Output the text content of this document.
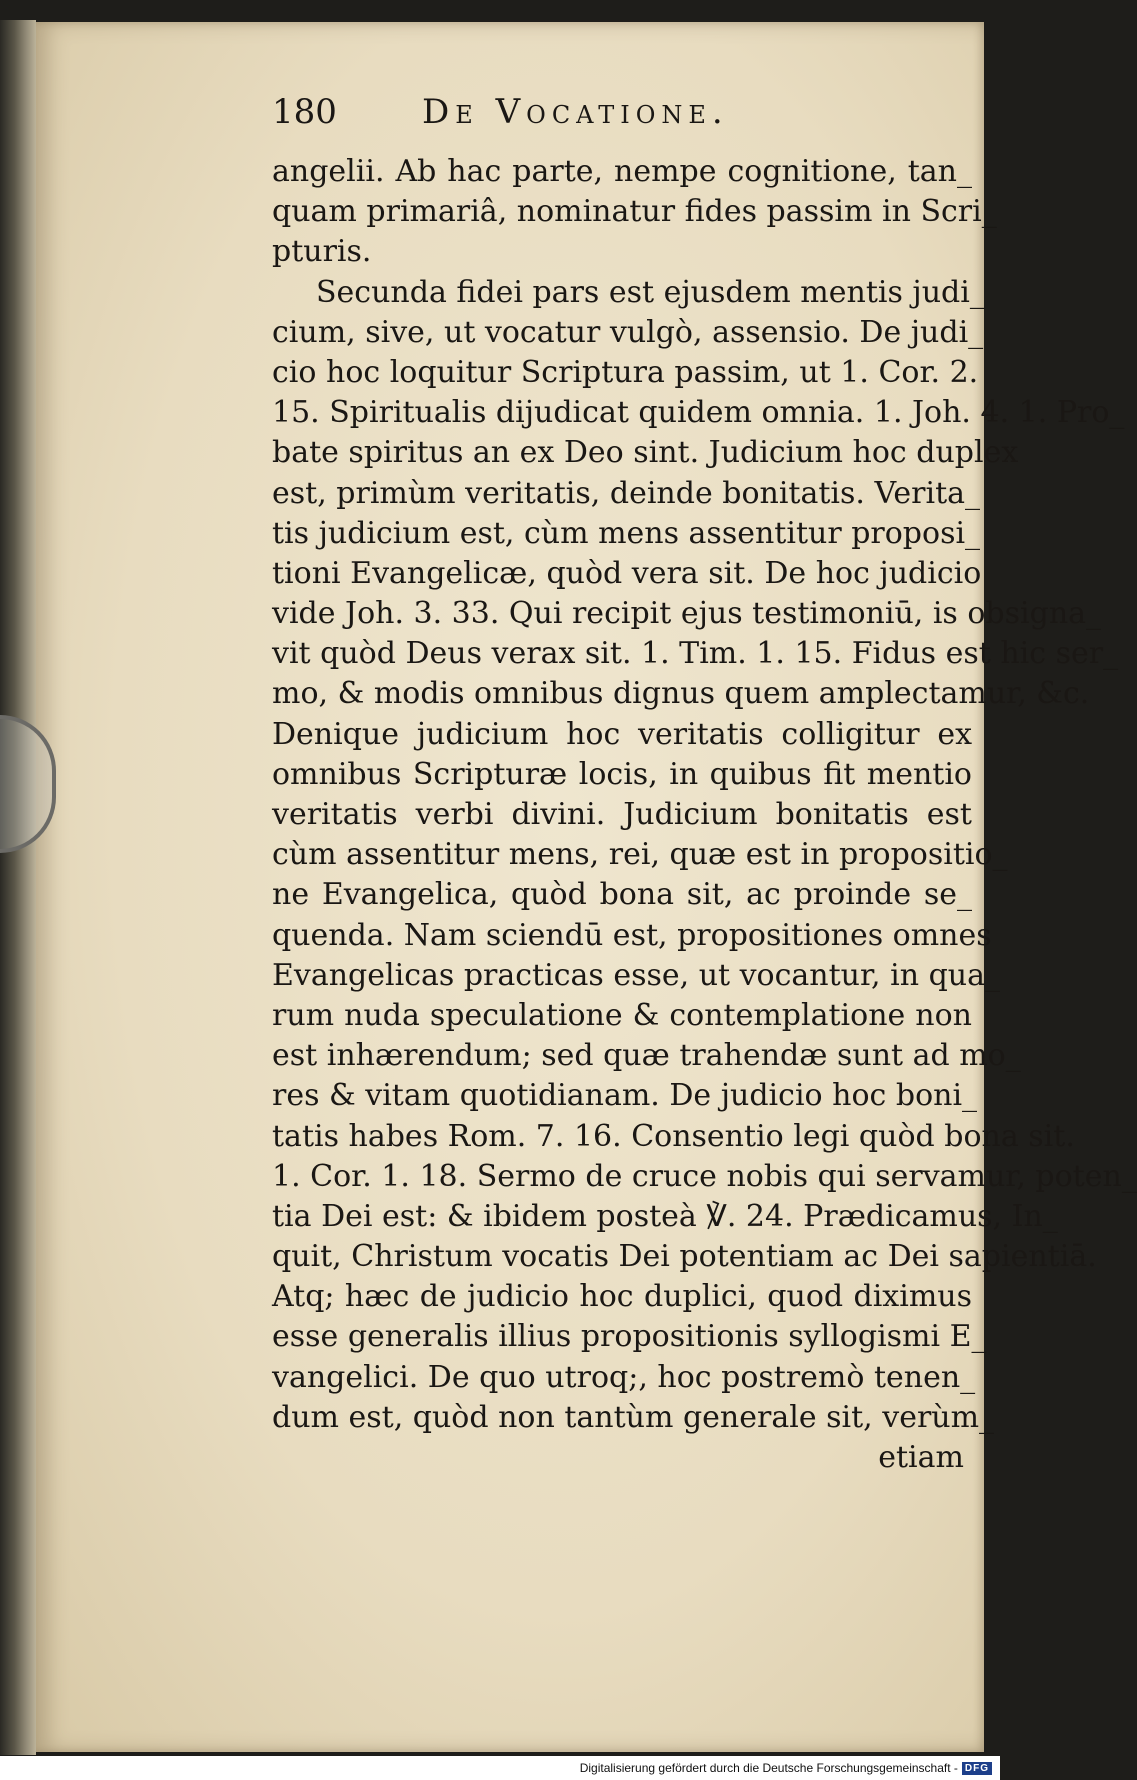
180	De Vocatione.
angelii. Ab hac parte, nempe cognitione, tan_
quam primariâ, nominatur fides passim in Scri_
pturis.
Secunda fidei pars est ejusdem mentis judi_
cium, sive, ut vocatur vulgò, assensio. De judi_
cio hoc loquitur Scriptura passim, ut 1. Cor. 2.
15. Spiritualis dijudicat quidem omnia. 1. Joh. 4. 1. Pro_
bate spiritus an ex Deo sint. Judicium hoc duplex
est, primùm veritatis, deinde bonitatis. Verita_
tis judicium est, cùm mens assentitur proposi_
tioni Evangelicæ, quòd vera sit. De hoc judicio
vide Joh. 3. 33. Qui recipit ejus testimoniū, is obsigna_
vit quòd Deus verax sit. 1. Tim. 1. 15. Fidus est hic ser_
mo, & modis omnibus dignus quem amplectamur, &c.
Denique judicium hoc veritatis colligitur ex
omnibus Scripturæ locis, in quibus fit mentio
veritatis verbi divini. Judicium bonitatis est
cùm assentitur mens, rei, quæ est in propositio_
ne Evangelica, quòd bona sit, ac proinde se_
quenda. Nam sciendū est, propositiones omnes
Evangelicas practicas esse, ut vocantur, in qua_
rum nuda speculatione & contemplatione non
est inhærendum; sed quæ trahendæ sunt ad mo_
res & vitam quotidianam. De judicio hoc boni_
tatis habes Rom. 7. 16. Consentio legi quòd bona sit.
1. Cor. 1. 18. Sermo de cruce nobis qui servamur, poten_
tia Dei est: & ibidem posteà ℣. 24. Prædicamus, In_
quit, Christum vocatis Dei potentiam ac Dei sapientiā.
Atq; hæc de judicio hoc duplici, quod diximus
esse generalis illius propositionis syllogismi E_
vangelici. De quo utroq;, hoc postremò tenen_
dum est, quòd non tantùm generale sit, verùm_
etiam
Digitalisierung gefördert durch die Deutsche Forschungsgemeinschaft - DFG
